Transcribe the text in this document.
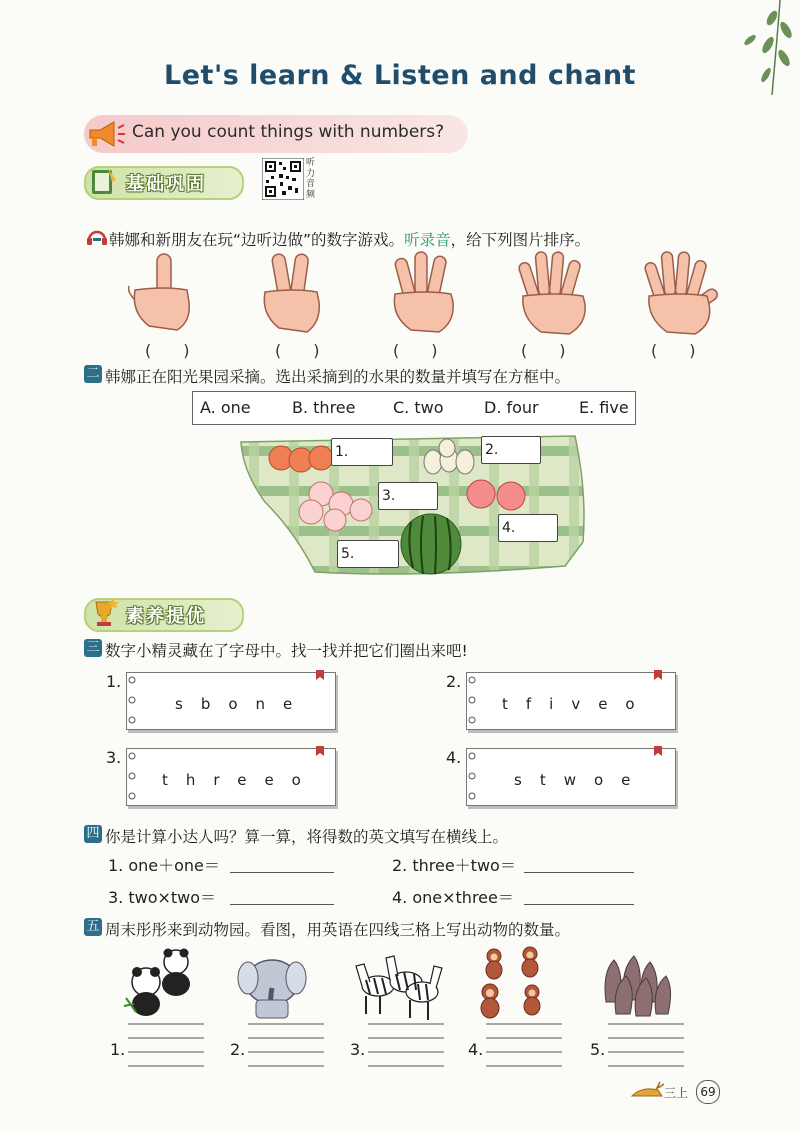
Let's learn & Listen and chant
Can you count things with numbers?
基础巩固
听力音频
韩娜和新朋友在玩“边听边做”的数字游戏。听录音，给下列图片排序。
(　　)	(　　)	(　　)	(　　)	(　　)
二 韩娜正在阳光果园采摘。选出采摘到的水果的数量并填写在方框中。
A. one	B. three C. two	D. four	E. five
1.	2.
3.
4.
5.
素养提优
三 数字小精灵藏在了字母中。找一找并把它们圈出来吧!
1.
sbone
2.
tfiveo
3.
threeo
4.
stwoe
四 你是计算小达人吗？算一算，将得数的英文填写在横线上。
1. one＋one＝	2. three＋two＝
3. two×two＝	4. one×three＝
五 周末彤彤来到动物园。看图，用英语在四线三格上写出动物的数量。
1.	2.	3.	4.	5.
三上	69
